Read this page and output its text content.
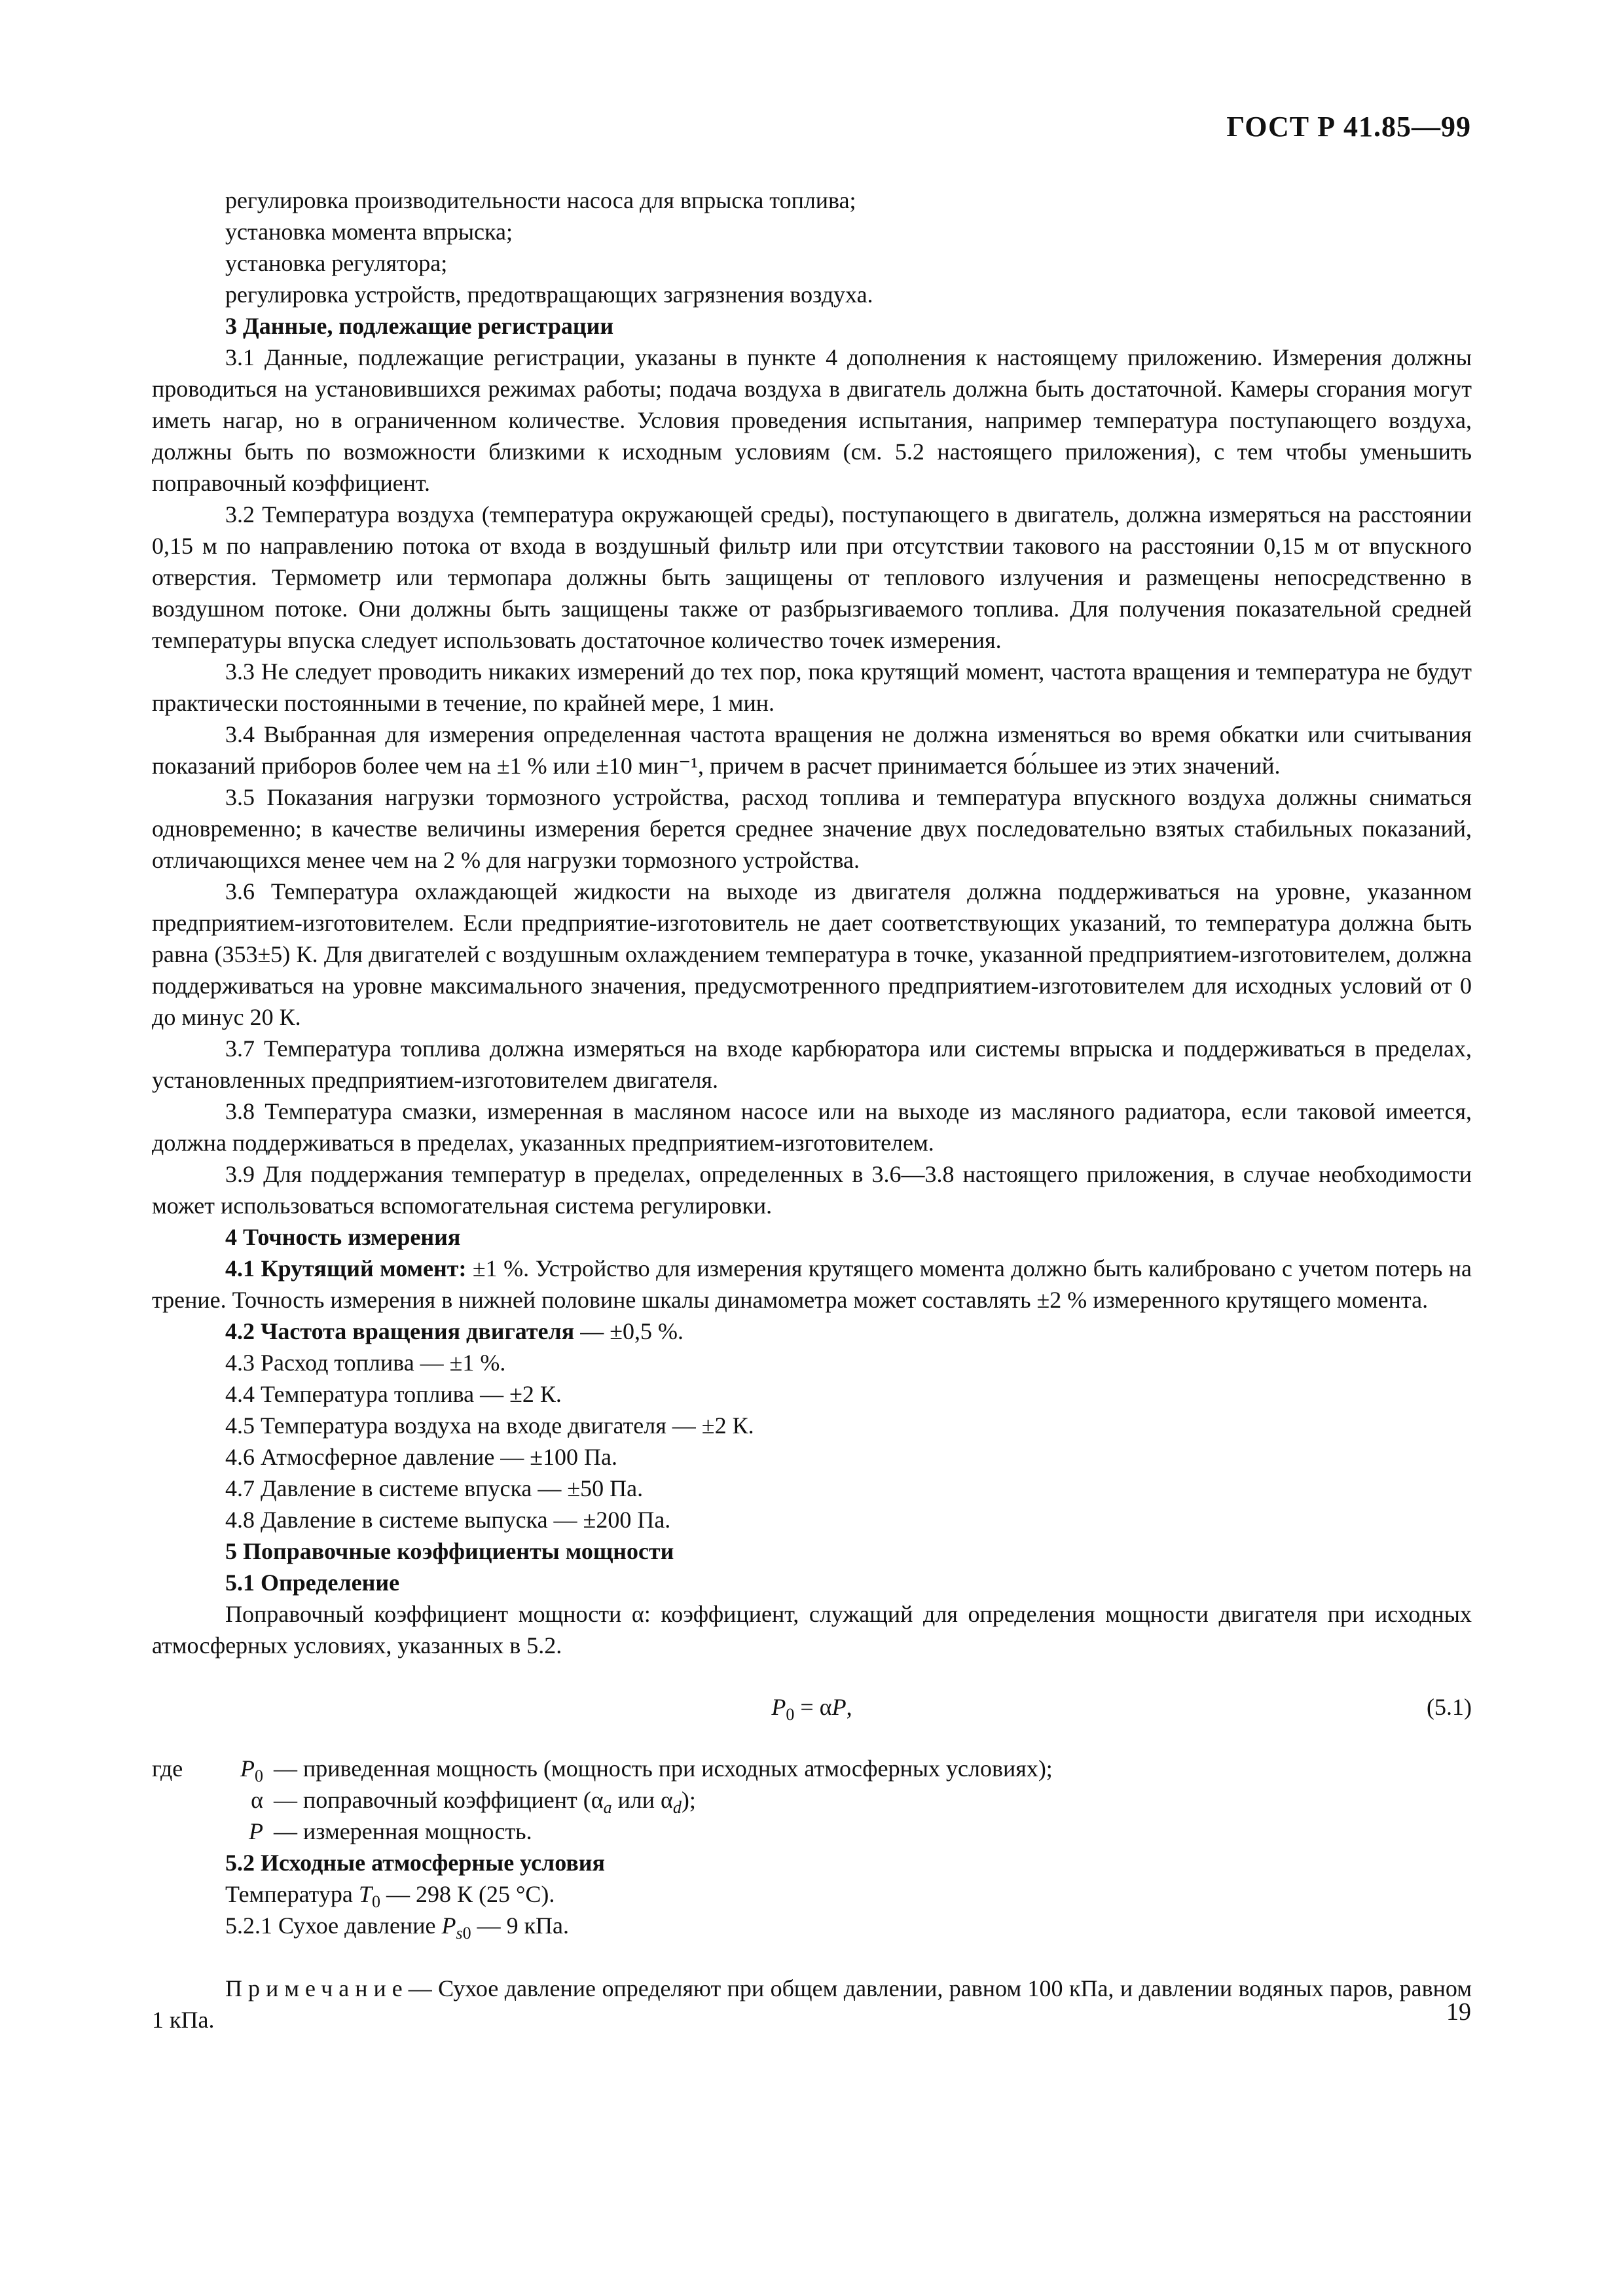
ГОСТ Р 41.85—99

регулировка производительности насоса для впрыска топлива;

установка момента впрыска;

установка регулятора;

регулировка устройств, предотвращающих загрязнения воздуха.

3 Данные, подлежащие регистрации

3.1 Данные, подлежащие регистрации, указаны в пункте 4 дополнения к настоящему приложению. Измерения должны проводиться на установившихся режимах работы; подача воздуха в двигатель должна быть достаточной. Камеры сгорания могут иметь нагар, но в ограниченном количестве. Условия проведения испытания, например температура поступающего воздуха, должны быть по возможности близкими к исходным условиям (см. 5.2 настоящего приложения), с тем чтобы уменьшить поправочный коэффициент.

3.2 Температура воздуха (температура окружающей среды), поступающего в двигатель, должна измеряться на расстоянии 0,15 м по направлению потока от входа в воздушный фильтр или при отсутствии такового на расстоянии 0,15 м от впускного отверстия. Термометр или термопара должны быть защищены от теплового излучения и размещены непосредственно в воздушном потоке. Они должны быть защищены также от разбрызгиваемого топлива. Для получения показательной средней температуры впуска следует использовать достаточное количество точек измерения.

3.3 Не следует проводить никаких измерений до тех пор, пока крутящий момент, частота вращения и температура не будут практически постоянными в течение, по крайней мере, 1 мин.

3.4 Выбранная для измерения определенная частота вращения не должна изменяться во время обкатки или считывания показаний приборов более чем на ±1 % или ±10 мин⁻¹, причем в расчет принимается бо́льшее из этих значений.

3.5 Показания нагрузки тормозного устройства, расход топлива и температура впускного воздуха должны сниматься одновременно; в качестве величины измерения берется среднее значение двух последовательно взятых стабильных показаний, отличающихся менее чем на 2 % для нагрузки тормозного устройства.

3.6 Температура охлаждающей жидкости на выходе из двигателя должна поддерживаться на уровне, указанном предприятием-изготовителем. Если предприятие-изготовитель не дает соответствующих указаний, то температура должна быть равна (353±5) К. Для двигателей с воздушным охлаждением температура в точке, указанной предприятием-изготовителем, должна поддерживаться на уровне максимального значения, предусмотренного предприятием-изготовителем для исходных условий от 0 до минус 20 К.

3.7 Температура топлива должна измеряться на входе карбюратора или системы впрыска и поддерживаться в пределах, установленных предприятием-изготовителем двигателя.

3.8 Температура смазки, измеренная в масляном насосе или на выходе из масляного радиатора, если таковой имеется, должна поддерживаться в пределах, указанных предприятием-изготовителем.

3.9 Для поддержания температур в пределах, определенных в 3.6—3.8 настоящего приложения, в случае необходимости может использоваться вспомогательная система регулировки.

4 Точность измерения

4.1 Крутящий момент: ±1 %. Устройство для измерения крутящего момента должно быть калибровано с учетом потерь на трение. Точность измерения в нижней половине шкалы динамометра может составлять ±2 % измеренного крутящего момента.

4.2 Частота вращения двигателя — ±0,5 %.

4.3 Расход топлива — ±1 %.

4.4 Температура топлива — ±2 К.

4.5 Температура воздуха на входе двигателя — ±2 К.

4.6 Атмосферное давление — ±100 Па.

4.7 Давление в системе впуска — ±50 Па.

4.8 Давление в системе выпуска — ±200 Па.

5 Поправочные коэффициенты мощности

5.1 Определение

Поправочный коэффициент мощности α: коэффициент, служащий для определения мощности двигателя при исходных атмосферных условиях, указанных в 5.2.

$P_0 = \alpha P$,	(5.1)
где	$P_0$ — приведенная мощность (мощность при исходных атмосферных условиях);
α — поправочный коэффициент ($\alpha_a$ или $\alpha_d$);
P — измеренная мощность.

5.2 Исходные атмосферные условия

Температура $T_0$ — 298 К (25 °С).

5.2.1 Сухое давление $P_{s0}$ — 9 кПа.

Примечание— Сухое давление определяют при общем давлении, равном 100 кПа, и давлении водяных паров, равном 1 кПа.	19
